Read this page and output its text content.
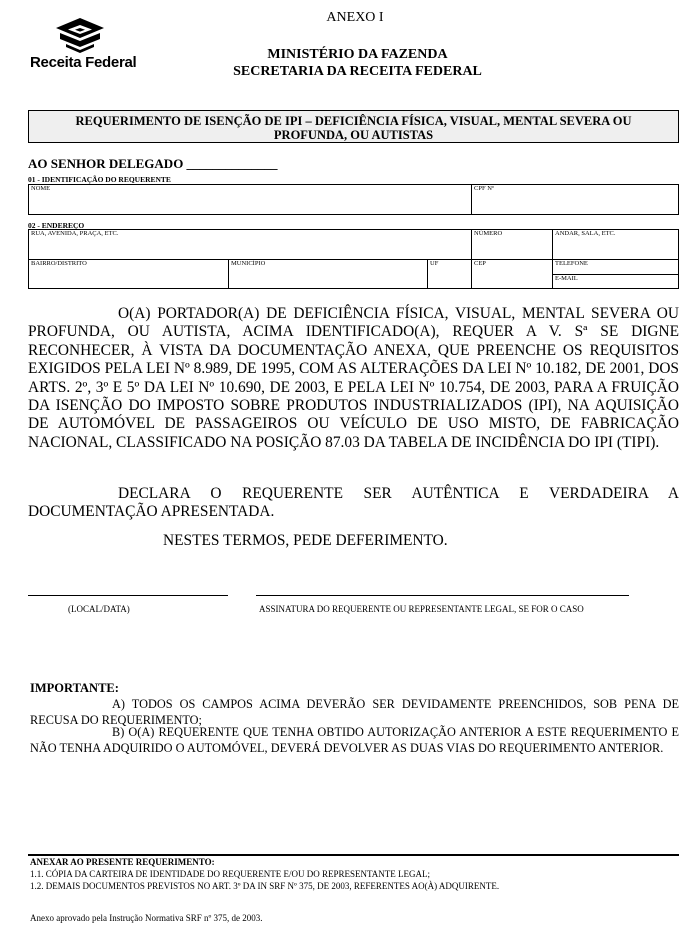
Receita Federal
ANEXO I
MINISTÉRIO DA FAZENDA
SECRETARIA DA RECEITA FEDERAL
REQUERIMENTO DE ISENÇÃO DE IPI – DEFICIÊNCIA FÍSICA, VISUAL, MENTAL SEVERA OU
PROFUNDA, OU AUTISTAS
AO SENHOR DELEGADO ______________
01 - IDENTIFICAÇÃO DO REQUERENTE
NOME	CPF Nº
02 - ENDEREÇO
RUA, AVENIDA, PRAÇA, ETC.	NÚMERO	ANDAR, SALA, ETC.
BAIRRO/DISTRITO	MUNICÍPIO	UF	CEP	TELEFONE
E-MAIL
O(A) PORTADOR(A) DE DEFICIÊNCIA FÍSICA, VISUAL, MENTAL SEVERA OU PROFUNDA, OU AUTISTA, ACIMA IDENTIFICADO(A), REQUER A V. Sª SE DIGNE RECONHECER, À VISTA DA DOCUMENTAÇÃO ANEXA, QUE PREENCHE OS REQUISITOS EXIGIDOS PELA LEI Nº 8.989, DE 1995, COM AS ALTERAÇÕES DA LEI Nº 10.182, DE 2001, DOS ARTS. 2º, 3º E 5º DA LEI Nº 10.690, DE 2003, E PELA LEI Nº 10.754, DE 2003, PARA A FRUIÇÃO DA ISENÇÃO DO IMPOSTO SOBRE PRODUTOS INDUSTRIALIZADOS (IPI), NA AQUISIÇÃO DE AUTOMÓVEL DE PASSAGEIROS OU VEÍCULO DE USO MISTO, DE FABRICAÇÃO NACIONAL, CLASSIFICADO NA POSIÇÃO 87.03 DA TABELA DE INCIDÊNCIA DO IPI (TIPI).
DECLARA O REQUERENTE SER AUTÊNTICA E VERDADEIRA A DOCUMENTAÇÃO APRESENTADA.
NESTES TERMOS, PEDE DEFERIMENTO.
(LOCAL/DATA)	ASSINATURA DO REQUERENTE OU REPRESENTANTE LEGAL, SE FOR O CASO
IMPORTANTE:
A) TODOS OS CAMPOS ACIMA DEVERÃO SER DEVIDAMENTE PREENCHIDOS, SOB PENA DE RECUSA DO REQUERIMENTO;
B) O(A) REQUERENTE QUE TENHA OBTIDO AUTORIZAÇÃO ANTERIOR A ESTE REQUERIMENTO E NÃO TENHA ADQUIRIDO O AUTOMÓVEL, DEVERÁ DEVOLVER AS DUAS VIAS DO REQUERIMENTO ANTERIOR.
ANEXAR AO PRESENTE REQUERIMENTO:
1.1. CÓPIA DA CARTEIRA DE IDENTIDADE DO REQUERENTE E/OU DO REPRESENTANTE LEGAL;
1.2. DEMAIS DOCUMENTOS PREVISTOS NO ART. 3º DA IN SRF Nº 375, DE 2003, REFERENTES AO(À) ADQUIRENTE.
Anexo aprovado pela Instrução Normativa SRF nº 375, de 2003.
